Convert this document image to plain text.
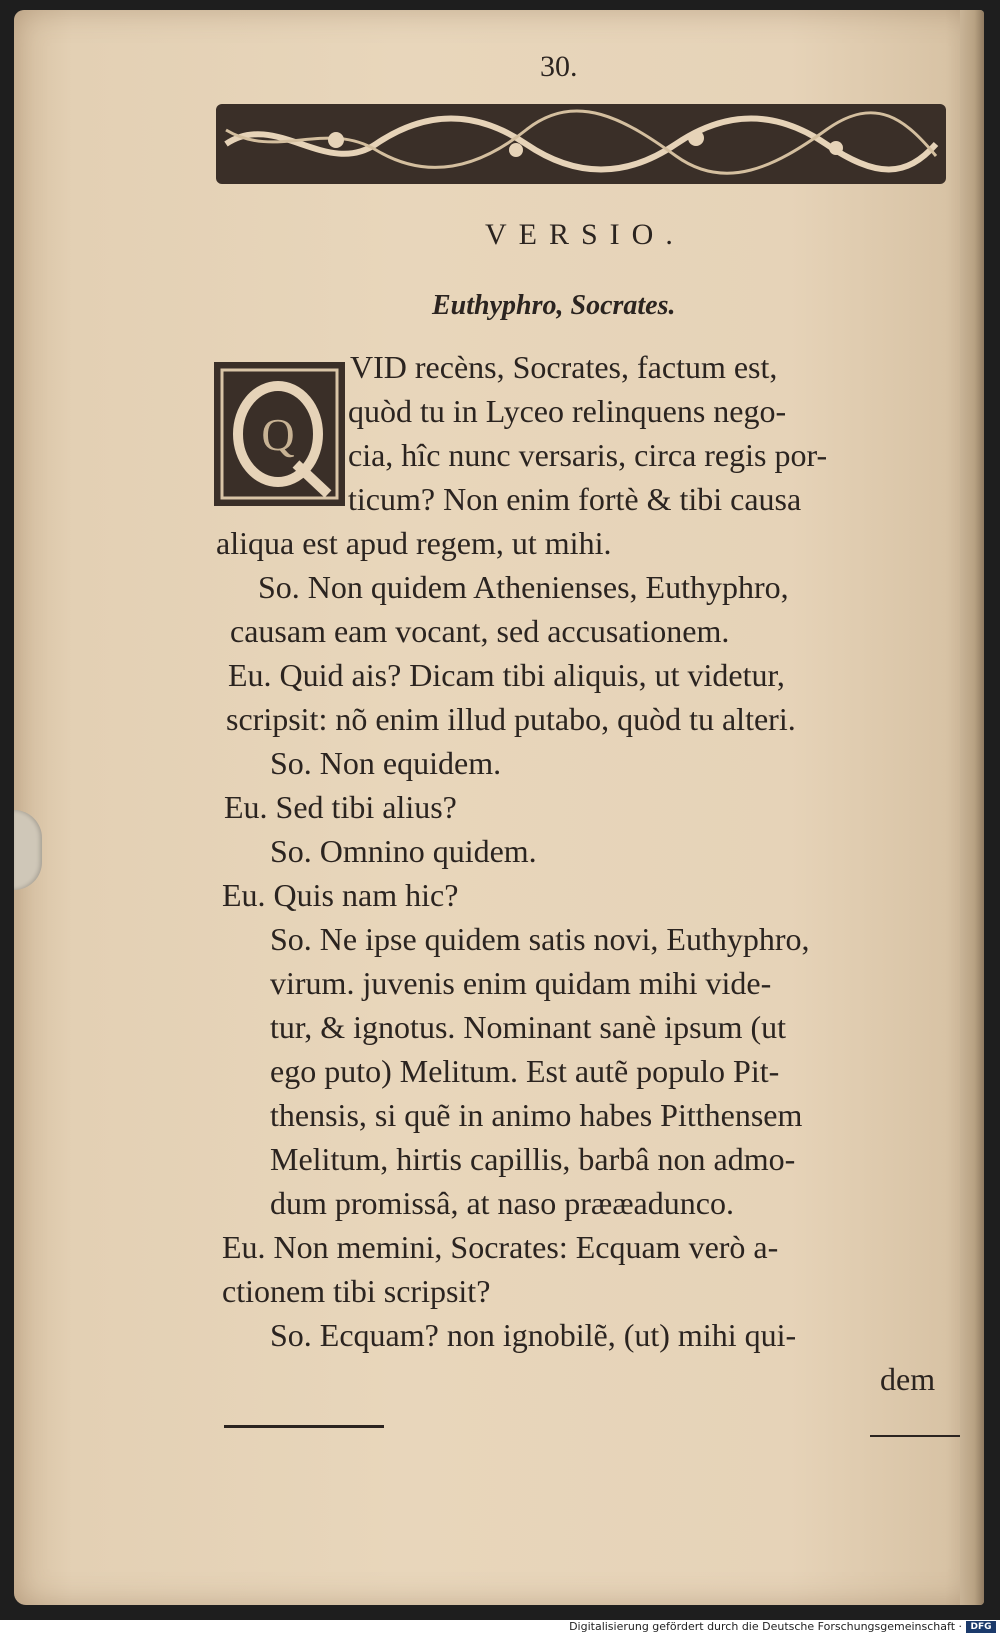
30.
VERSIO.
Euthyphro, Socrates.
Q
VID recèns, Socrates, factum est,
quòd tu in Lyceo relinquens nego-
cia, hîc nunc versaris, circa regis por-
ticum? Non enim fortè & tibi causa
aliqua est apud regem, ut mihi.
So. Non quidem Athenienses, Euthyphro,
causam eam vocant, sed accusationem.
Eu. Quid ais? Dicam tibi aliquis, ut videtur,
scripsit: nõ enim illud putabo, quòd tu alteri.
So. Non equidem.
Eu. Sed tibi alius?
So. Omnino quidem.
Eu. Quis nam hic?
So. Ne ipse quidem satis novi, Euthyphro,
virum. juvenis enim quidam mihi vide-
tur, & ignotus. Nominant sanè ipsum (ut
ego puto) Melitum. Est autẽ populo Pit-
thensis, si quẽ in animo habes Pitthensem
Melitum, hirtis capillis, barbâ non admo-
dum promissâ, at naso prææadunco.
Eu. Non memini, Socrates: Ecquam verò a-
ctionem tibi scripsit?
So. Ecquam? non ignobilẽ, (ut) mihi qui-
dem
Digitalisierung gefördert durch die Deutsche Forschungsgemeinschaft · DFG
